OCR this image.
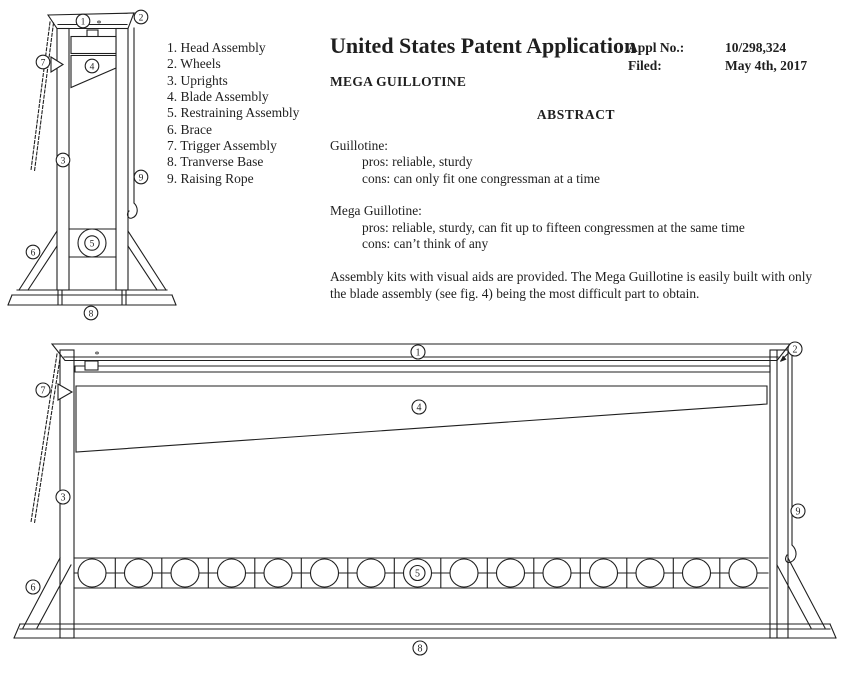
*
1	2
3
4
5
6
7
8
9
*	1	2
3
4
5
6
7
8
9
1. Head Assembly
2. Wheels
3. Uprights
4. Blade Assembly
5. Restraining Assembly
6. Brace
7. Trigger Assembly
8. Tranverse Base
9. Raising Rope
United States Patent Application
Appl No.:	10/298,324
Filed:	May 4th, 2017
MEGA GUILLOTINE
ABSTRACT
Guillotine:
pros: reliable, sturdy
cons: can only fit one congressman at a time
Mega Guillotine:
pros: reliable, sturdy, can fit up to fifteen congressmen at the same time
cons: can’t think of any
Assembly kits with visual aids are provided. The Mega Guillotine is easily built with only the blade assembly (see fig. 4) being the most difficult part to obtain.
